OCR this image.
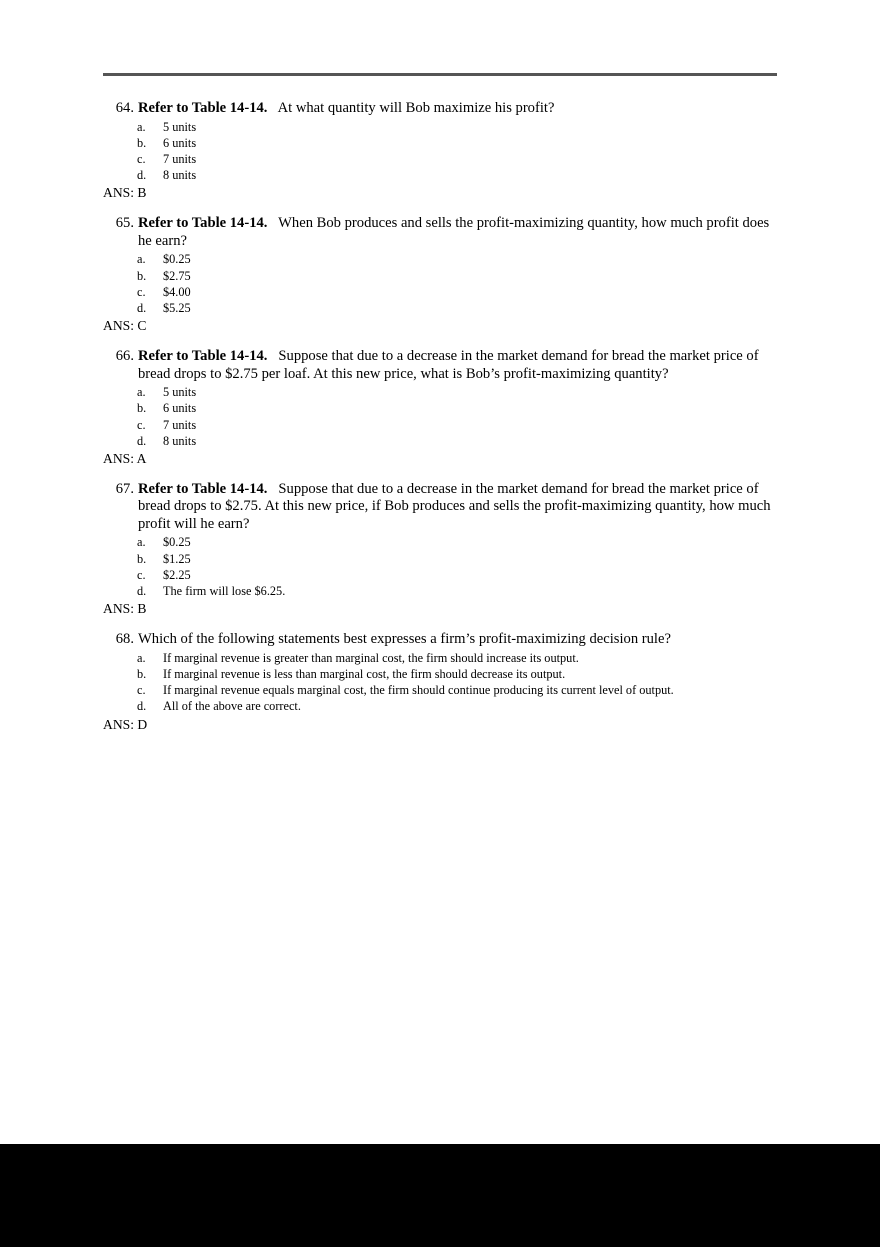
64. Refer to Table 14-14. At what quantity will Bob maximize his profit?
a.	5 units
b.	6 units
c.	7 units
d.	8 units
ANS: B
65. Refer to Table 14-14. When Bob produces and sells the profit-maximizing quantity, how much profit does he earn?
a.	$0.25
b.	$2.75
c.	$4.00
d.	$5.25
ANS: C
66. Refer to Table 14-14. Suppose that due to a decrease in the market demand for bread the market price of bread drops to $2.75 per loaf. At this new price, what is Bob’s profit-maximizing quantity?
a.	5 units
b.	6 units
c.	7 units
d.	8 units
ANS: A
67. Refer to Table 14-14. Suppose that due to a decrease in the market demand for bread the market price of bread drops to $2.75. At this new price, if Bob produces and sells the profit-maximizing quantity, how much profit will he earn?
a.	$0.25
b.	$1.25
c.	$2.25
d.	The firm will lose $6.25.
ANS: B
68. Which of the following statements best expresses a firm’s profit-maximizing decision rule?
a.	If marginal revenue is greater than marginal cost, the firm should increase its output.
b.	If marginal revenue is less than marginal cost, the firm should decrease its output.
c.	If marginal revenue equals marginal cost, the firm should continue producing its current level of output.
d.	All of the above are correct.
ANS: D
